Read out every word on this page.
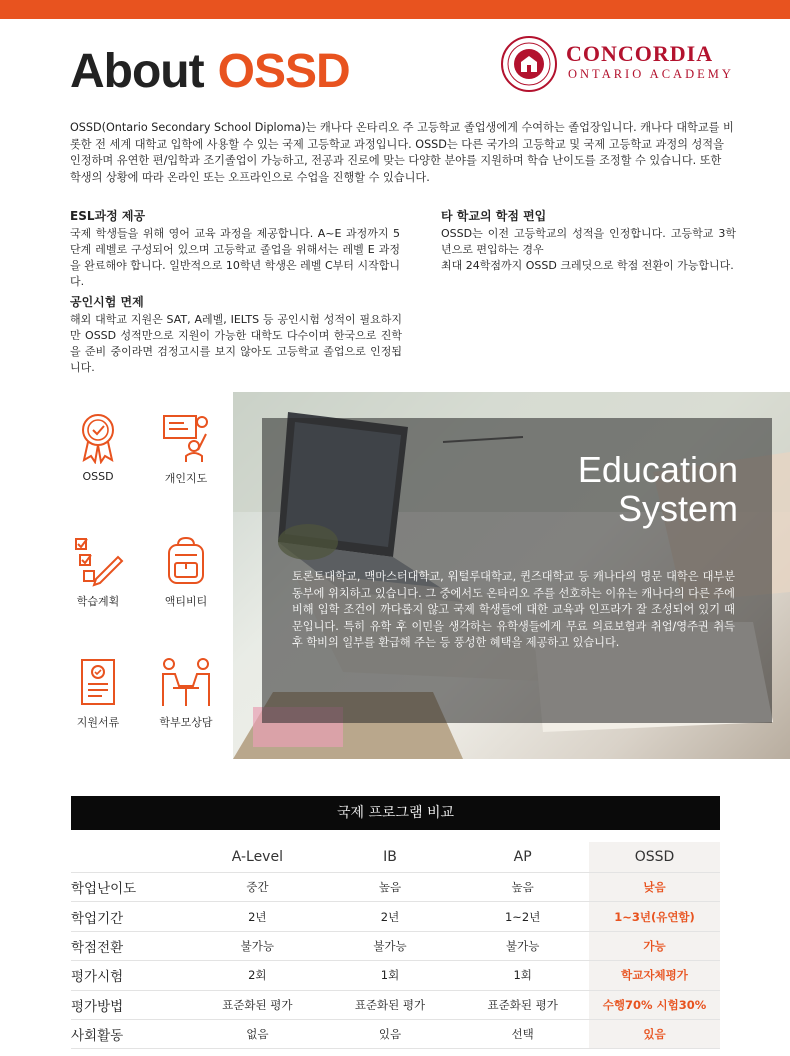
About OSSD	CONCORDIA
ONTARIO ACADEMY
OSSD(Ontario Secondary School Diploma)는 캐나다 온타리오 주 고등학교 졸업생에게 수여하는 졸업장입니다. 캐나다 대학교를 비롯한 전 세계 대학교 입학에 사용할 수 있는 국제 고등학교 과정입니다. OSSD는 다른 국가의 고등학교 및 국제 고등학교 과정의 성적을 인정하며 유연한 편/입학과 조기졸업이 가능하고, 전공과 진로에 맞는 다양한 분야를 지원하며 학습 난이도를 조정할 수 있습니다. 또한 학생의 상황에 따라 온라인 또는 오프라인으로 수업을 진행할 수 있습니다.
ESL과정 제공

국제 학생들을 위해 영어 교육 과정을 제공합니다. A~E 과정까지 5단계 레벨로 구성되어 있으며 고등학교 졸업을 위해서는 레벨 E 과정을 완료해야 합니다. 일반적으로 10학년 학생은 레벨 C부터 시작합니다.

타 학교의 학점 편입

OSSD는 이전 고등학교의 성적을 인정합니다. 고등학교 3학년으로 편입하는 경우

최대 24학점까지 OSSD 크레딧으로 학점 전환이 가능합니다.

공인시험 면제

해외 대학교 지원은 SAT, A레벨, IELTS 등 공인시험 성적이 필요하지만 OSSD 성적만으로 지원이 가능한 대학도 다수이며 한국으로 진학을 준비 중이라면 검정고시를 보지 않아도 고등학교 졸업으로 인정됩니다.

OSSD	개인지도
학습계획	액티비티
지원서류	학부모상담
Education
System
토론토대학교, 맥마스터대학교, 워털루대학교, 퀸즈대학교 등 캐나다의 명문 대학은 대부분 동부에 위치하고 있습니다. 그 중에서도 온타리오 주를 선호하는 이유는 캐나다의 다른 주에 비해 입학 조건이 까다롭지 않고 국제 학생들에 대한 교육과 인프라가 잘 조성되어 있기 때문입니다. 특히 유학 후 이민을 생각하는 유학생들에게 무료 의료보험과 취업/영주권 취득 후 학비의 일부를 환급해 주는 등 풍성한 혜택을 제공하고 있습니다.
국제 프로그램 비교
	A-Level	IB	AP	OSSD
학업난이도	중간	높음	높음	낮음
학업기간	2년	2년	1~2년	1~3년(유연함)
학점전환	불가능	불가능	불가능	가능
평가시험	2회	1회	1회	학교자체평가
평가방법	표준화된 평가	표준화된 평가	표준화된 평가	수행70% 시험30%
사회활동	없음	있음	선택	있음
